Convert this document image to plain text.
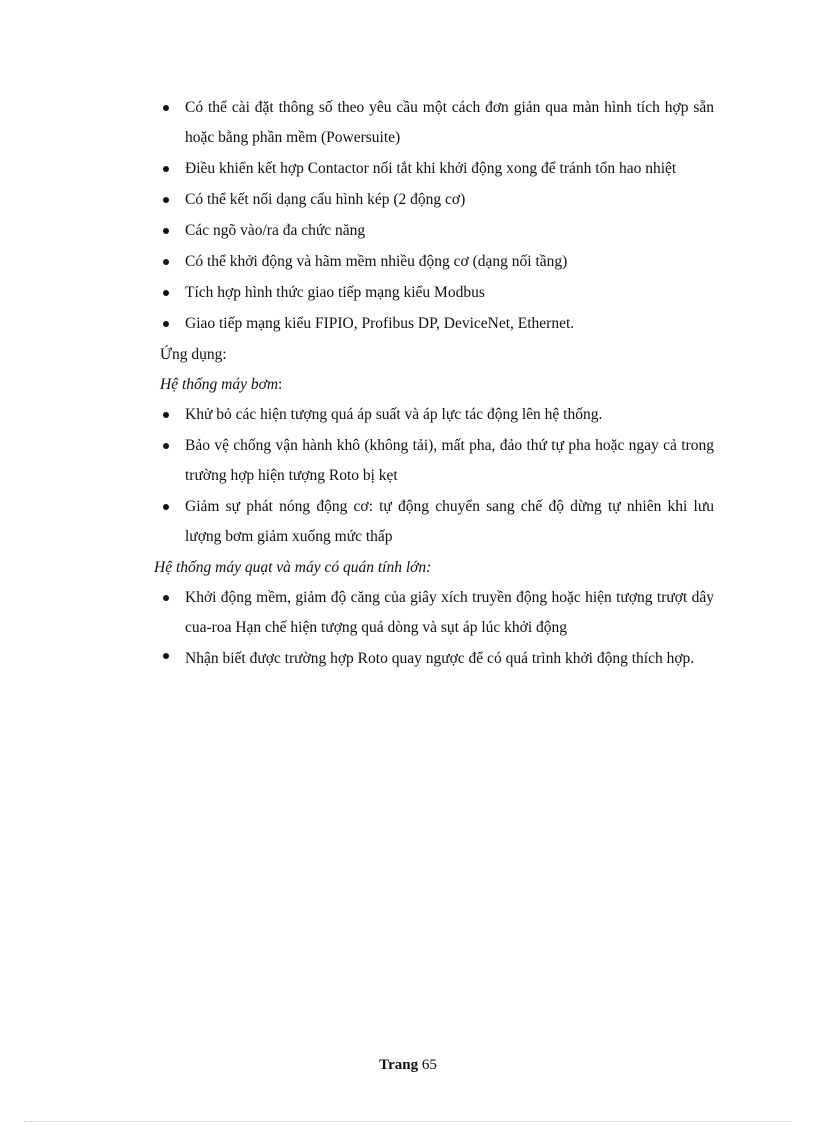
Có thể cài đặt thông số theo yêu cầu một cách đơn giản qua màn hình tích hợp sẵn hoặc bằng phần mềm (Powersuite)
Điều khiển kết hợp Contactor nối tắt khi khởi động xong để tránh tổn hao nhiệt
Có thể kết nối dạng cấu hình kép (2 động cơ)
Các ngõ vào/ra đa chức năng
Có thể khởi động và hãm mềm nhiều động cơ (dạng nối tầng)
Tích hợp hình thức giao tiếp mạng kiểu Modbus
Giao tiếp mạng kiểu FIPIO, Profibus DP, DeviceNet, Ethernet.

Ứng dụng:

Hệ thống máy bơm:

Khử bỏ các hiện tượng quá áp suất và áp lực tác động lên hệ thống.
Bảo vệ chống vận hành khô (không tải), mất pha, đảo thứ tự pha hoặc ngay cả trong trường hợp hiện tượng Roto bị kẹt
Giảm sự phát nóng động cơ: tự động chuyển sang chế độ dừng tự nhiên khi lưu lượng bơm giảm xuống mức thấp

Hệ thống máy quạt và máy có quán tính lớn:

Khởi động mềm, giảm độ căng của giây xích truyền động hoặc hiện tượng trượt dây cua-roa Hạn chế hiện tượng quá dòng và sụt áp lúc khởi động
Nhận biết được trường hợp Roto quay ngược để có quá trình khởi động thích hợp.
Trang 65
